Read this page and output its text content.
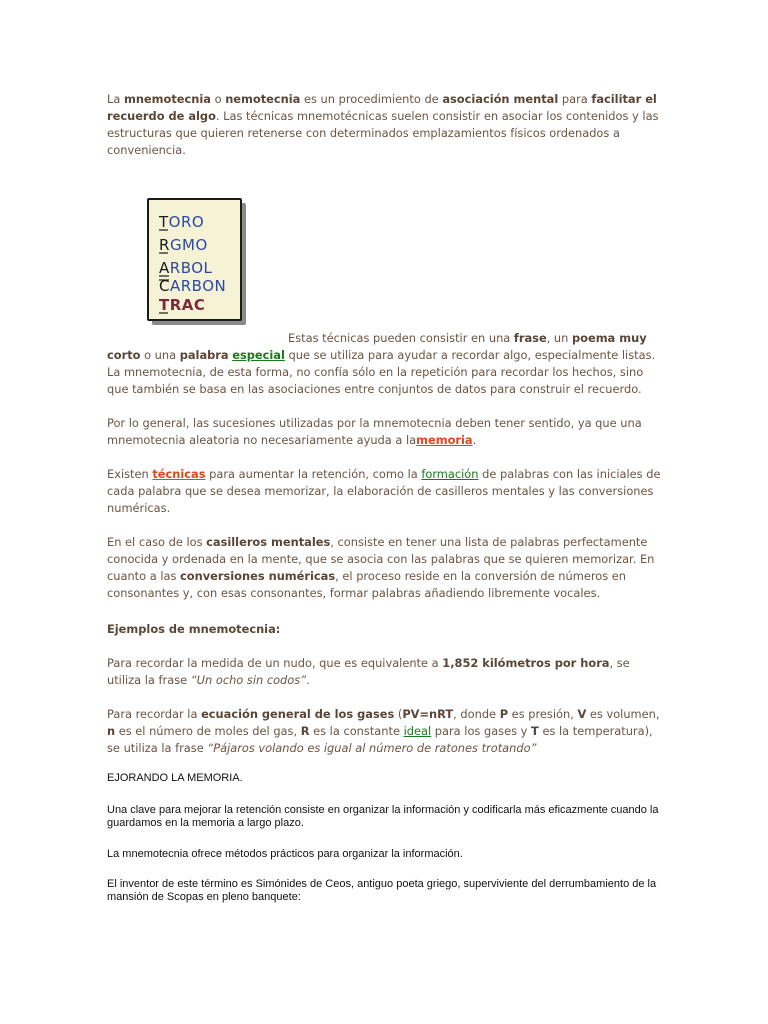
La mnemotecnia o nemotecnia es un procedimiento de asociación mental para facilitar el recuerdo de algo. Las técnicas mnemotécnicas suelen consistir en asociar los contenidos y las estructuras que quieren retenerse con determinados emplazamientos físicos ordenados a conveniencia.

TORO
RGMO
ARBOL
CARBON
TRAC

Estas técnicas pueden consistir en una frase, un poema muy corto o una palabra especial que se utiliza para ayudar a recordar algo, especialmente listas. La mnemotecnia, de esta forma, no confía sólo en la repetición para recordar los hechos, sino que también se basa en las asociaciones entre conjuntos de datos para construir el recuerdo.

Por lo general, las sucesiones utilizadas por la mnemotecnia deben tener sentido, ya que una mnemotecnia aleatoria no necesariamente ayuda a lamemoria.

Existen técnicas para aumentar la retención, como la formación de palabras con las iniciales de cada palabra que se desea memorizar, la elaboración de casilleros mentales y las conversiones numéricas.

En el caso de los casilleros mentales, consiste en tener una lista de palabras perfectamente conocida y ordenada en la mente, que se asocia con las palabras que se quieren memorizar. En cuanto a las conversiones numéricas, el proceso reside en la conversión de números en consonantes y, con esas consonantes, formar palabras añadiendo libremente vocales.

Ejemplos de mnemotecnia:

Para recordar la medida de un nudo, que es equivalente a 1,852 kilómetros por hora, se utiliza la frase “Un ocho sin codos”.

Para recordar la ecuación general de los gases (PV=nRT, donde P es presión, V es volumen, n es el número de moles del gas, R es la constante ideal para los gases y T es la temperatura), se utiliza la frase “Pájaros volando es igual al número de ratones trotando”

EJORANDO LA MEMORIA.

Una clave para mejorar la retención consiste en organizar la información y codificarla más eficazmente cuando la guardamos en la memoria a largo plazo.

La mnemotecnia ofrece métodos prácticos para organizar la información.

El inventor de este término es Simónides de Ceos, antiguo poeta griego, superviviente del derrumbamiento de la mansión de Scopas en pleno banquete:
